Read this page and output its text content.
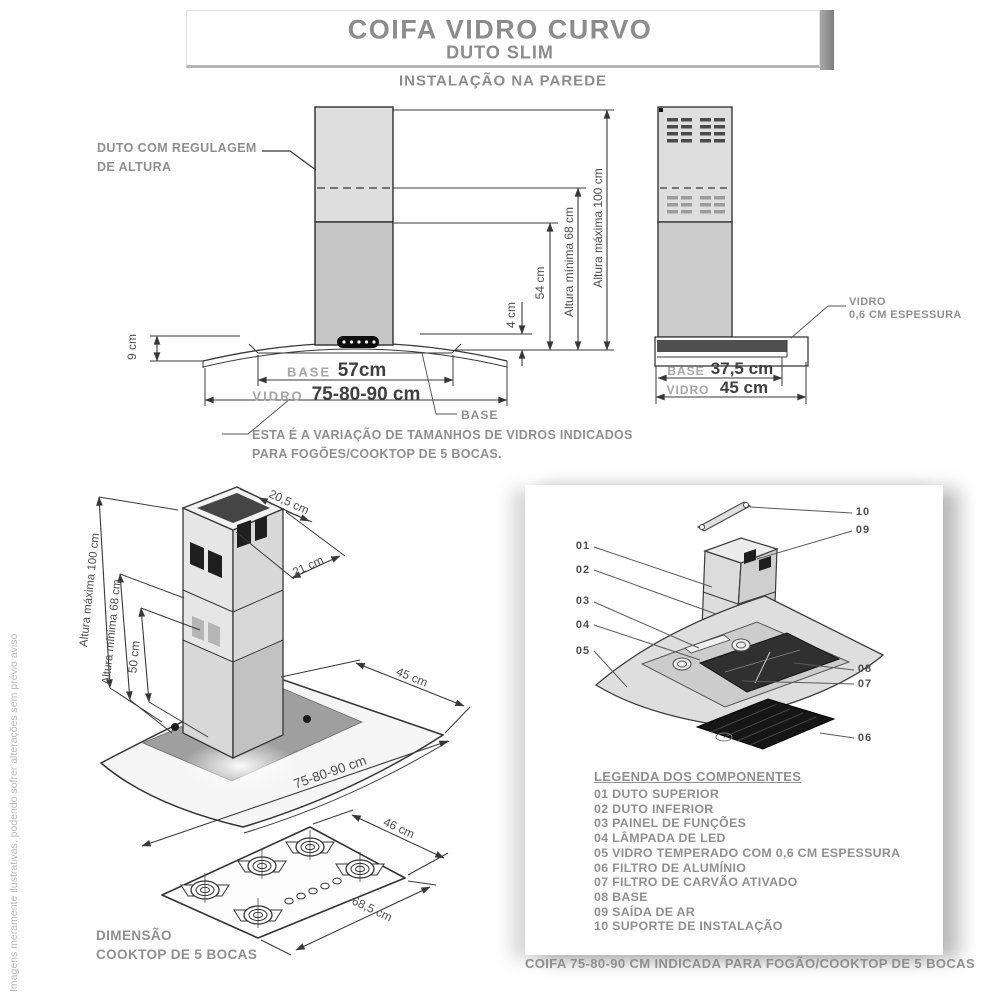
COIFA VIDRO CURVO
DUTO SLIM
INSTALAÇÃO NA PAREDE
Imagens meramente ilustrativas, podendo sofrer alterações sem prévio aviso
DUTO COM REGULAGEM
DE ALTURA
9 cm
4 cm
54 cm Altura mínima 68 cm Altura máxima 100 cm
BASE 57cm
VIDRO 75-80-90 cm
BASE
ESTA É A VARIAÇÃO DE TAMANHOS DE VIDROS INDICADOS
PARA FOGÕES/COOKTOP DE 5 BOCAS.
VIDRO
0,6 CM ESPESSURA
BASE 37,5 cm
VIDRO 45 cm
Altura máxima 100 cm
Altura mínima 68 cm 50 cm
20,5 cm
21 cm
45 cm
75-80-90 cm
46 cm
68,5 cm
DIMENSÃO
COOKTOP DE 5 BOCAS
01
02
03
04
05
06
07
08
09
10
LEGENDA DOS COMPONENTES
01 DUTO SUPERIOR
02 DUTO INFERIOR
03 PAINEL DE FUNÇÕES
04 LÂMPADA DE LED
05 VIDRO TEMPERADO COM 0,6 CM ESPESSURA
06 FILTRO DE ALUMÍNIO
07 FILTRO DE CARVÃO ATIVADO
08 BASE
09 SAÍDA DE AR
10 SUPORTE DE INSTALAÇÃO
COIFA 75-80-90 CM INDICADA PARA FOGÃO/COOKTOP DE 5 BOCAS
